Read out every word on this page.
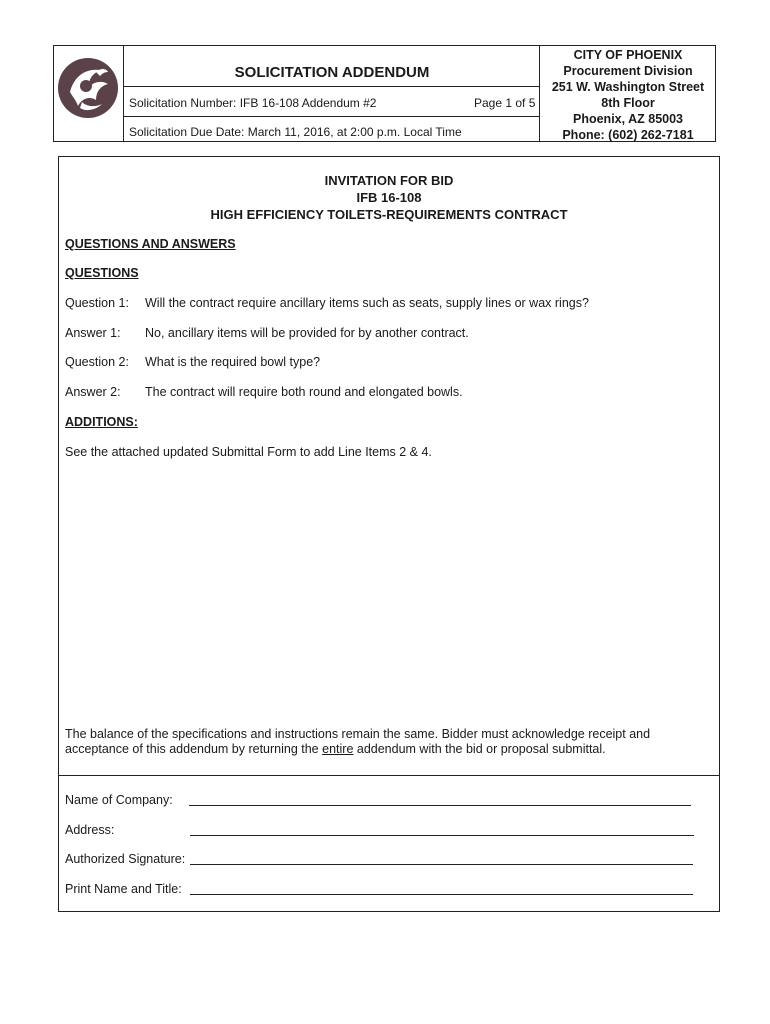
SOLICITATION ADDENDUM
Solicitation Number: IFB 16-108 Addendum #2	Page 1 of 5
Solicitation Due Date: March 11, 2016, at 2:00 p.m. Local Time
CITY OF PHOENIX
Procurement Division
251 W. Washington Street
8th Floor
Phoenix, AZ 85003
Phone: (602) 262-7181
INVITATION FOR BID
IFB 16-108
HIGH EFFICIENCY TOILETS-REQUIREMENTS CONTRACT
QUESTIONS AND ANSWERS
QUESTIONS
Question 1: Will the contract require ancillary items such as seats, supply lines or wax rings?
Answer 1: No, ancillary items will be provided for by another contract.
Question 2: What is the required bowl type?
Answer 2: The contract will require both round and elongated bowls.
ADDITIONS:
See the attached updated Submittal Form to add Line Items 2 & 4.
The balance of the specifications and instructions remain the same. Bidder must acknowledge receipt and
acceptance of this addendum by returning the entire addendum with the bid or proposal submittal.
Name of Company:
Address:
Authorized Signature:
Print Name and Title:
